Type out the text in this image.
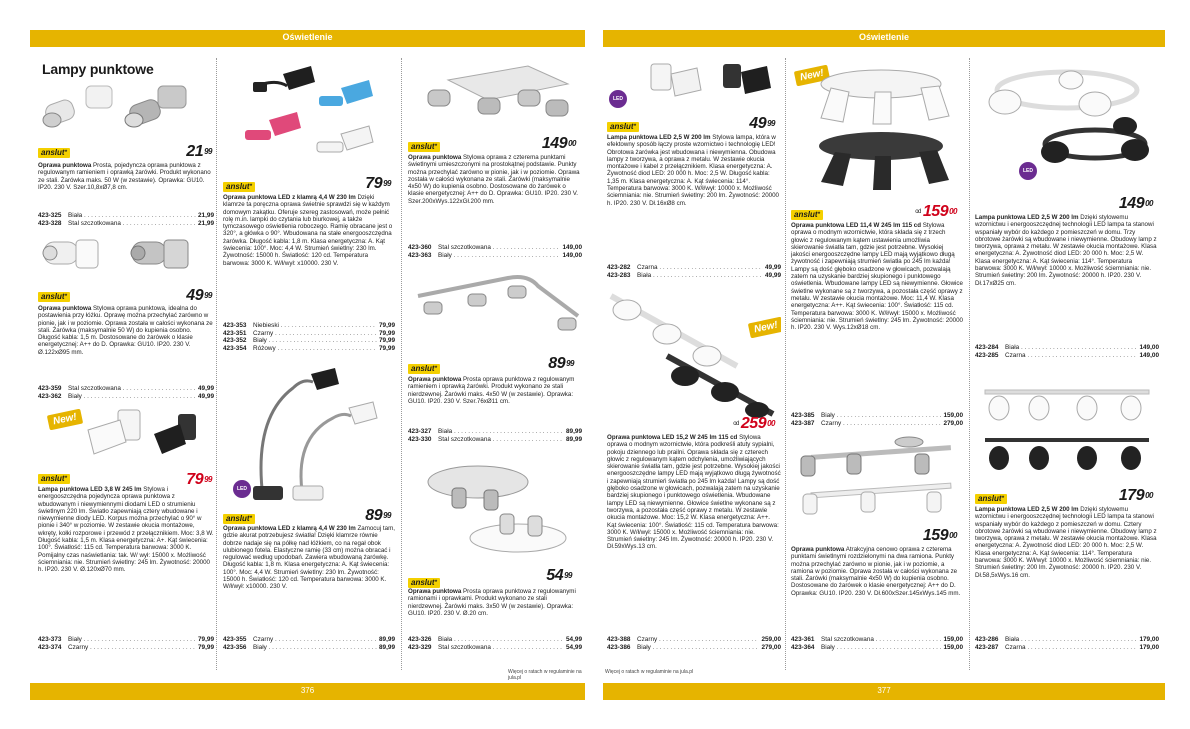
Oświetlenie
376
Lampy punktowe
anslut *	$21^{99}$
Oprawa punktowa Prosta, pojedyncza oprawa punktowa z regulowanym ramieniem i oprawką żarówki. Produkt wykonano ze stali. Żarówka maks. 50 W (w zestawie). Oprawka: GU10. IP20. 230 V. Szer.10,8xØ7,8 cm.
423-325	Biała . . .	21,99
423-328	Stal szczotkowana . . .	21,99
anslut *	$49^{99}$
Oprawa punktowa Stylowa oprawa punktowa, idealna do postawienia przy łóżku. Oprawę można przechylać zarówno w pionie, jak i w poziomie. Oprawa została w całości wykonana ze stali. Żarówka (maksymalnie 50 W) do kupienia osobno. Długość kabla: 1,5 m. Dostosowane do żarówek o klasie energetycznej: A++ do D. Oprawka: GU10. IP20. 230 V. Ø.122xØ95 mm.
423-359	Stal szczotkowana . . .	49,99
423-362	Biały . . .	49,99
New!
$79^{99}$
anslut *
Lampa punktowa LED 3,8 W 245 lm Stylowa i energooszczędna pojedyncza oprawa punktowa z wbudowanym i niewymiennymi diodami LED o strumieniu świetlnym 220 lm. Światło zapewniają cztery wbudowane i niewymienne diody LED. Korpus można przechylać o 90° w pionie i 340° w poziomie. W zestawie okucia montażowe, wkręty, kołki rozporowe i przewód z przełącznikiem. Moc: 3,8 W. Długość kabla: 1,5 m. Klasa energetyczna: A+. Kąt świecenia: 100°. Światłość: 115 cd. Temperatura barwowa: 3000 K. Pomijalny czas naświetlania: tak. W/ wył: 15000 x. Możliwość ściemniania: nie. Strumień świetlny: 245 lm. Żywotność: 20000 h. IP20. 230 V. Ø.120xØ70 mm.
423-373	Biały . . .	79,99
423-374	Czarny . . .	79,99
anslut *	$79^{99}$
Oprawa punktowa LED z klamrą 4,4 W 230 lm Dzięki klamrze ta poręczna oprawa świetnie sprawdzi się w każdym domowym zakątku. Oferuje szereg zastosowań, może pełnić rolę m.in. lampki do czytania lub biurkowej, a także tymczasowego oświetlenia roboczego. Ramię obracane jest o 320°, a główka o 90°. Wbudowana na stałe energooszczędna żarówka. Długość kabla: 1,8 m. Klasa energetyczna: A. Kąt świecenia: 100°. Moc: 4,4 W. Strumień świetlny: 230 lm. Żywotność: 15000 h. Światłość: 120 cd. Temperatura barwowa: 3000 K. W/ł/wył: x10000. 230 V.
423-353	Niebieski . . .	79,99
423-351	Czarny . . .	79,99
423-352	Biały . . .	79,99
423-354	Różowy . . .	79,99
LED
anslut *	$89^{99}$
Oprawa punktowa LED z klamrą 4,4 W 230 lm Zamocuj tam, gdzie akurat potrzebujesz światła! Dzięki klamrze równie dobrze nadaje się na półkę nad łóżkiem, co na regał obok ulubionego fotela. Elastyczne ramię (33 cm) można obracać i regulować według upodobań. Zawiera wbudowaną żarówkę. Długość kabla: 1,8 m. Klasa energetyczna: A. Kąt świecenia: 100°. Moc: 4,4 W. Strumień świetlny: 230 lm. Żywotność: 15000 h. Światłość: 120 cd. Temperatura barwowa: 3000 K. W/ł/wył: x10000. 230 V.
423-355	Czarny . . .	89,99
423-356	Biały . . .	89,99
$149^{00}$
anslut *
Oprawa punktowa Stylowa oprawa z czterema punktami świetlnymi umieszczonymi na prostokątnej podstawie. Punkty można przechylać zarówno w pionie, jak i w poziomie. Oprawa została w całości wykonana ze stali. Żarówki (maksymalnie 4x50 W) do kupienia osobno. Dostosowane do żarówek o klasie energetycznej: A++ do D. Oprawka: GU10. IP20. 230 V. Szer.200xWys.122xGł.200 mm.
423-360	Stal szczotkowana . . .	149,00
423-363	Biały . . .	149,00
$89^{99}$
anslut *
Oprawa punktowa Prosta oprawa punktowa z regulowanym ramieniem i oprawką żarówki. Produkt wykonano ze stali nierdzewnej. Żarówki maks. 4x50 W (w zestawie). Oprawka: GU10. IP20. 230 V. Szer.76xØ11 cm.
423-327	Biała . . .	89,99
423-330	Stal szczotkowana . . .	89,99
$54^{99}$
anslut *
Oprawa punktowa Prosta oprawa punktowa z regulowanymi ramionami i oprawkami. Produkt wykonano ze stali nierdzewnej. Żarówki maks. 3x50 W (w zestawie). Oprawka: GU10. IP20. 230 V. Ø.20 cm.
423-326	Biała . . .	54,99
423-329	Stal szczotkowana . . .	54,99
Więcej o ratach w regulaminie na jula.pl
Oświetlenie
377
LED
$49^{99}$
anslut *
Lampa punktowa LED 2,5 W 200 lm Stylowa lampa, która w efektowny sposób łączy proste wzornictwo i technologię LED! Obrotowa żarówka jest wbudowana i niewymienna. Obudowa lampy z tworzywa, a oprawa z metalu. W zestawie okucia montażowe i kabel z przełącznikiem. Klasa energetyczna: A. Żywotność diod LED: 20 000 h. Moc: 2,5 W. Długość kabla: 1,35 m. Klasa energetyczna: A. Kąt świecenia: 114°. Temperatura barwowa: 3000 K. W/ł/wył: 10000 x. Możliwość ściemniania: nie. Strumień świetlny: 200 lm. Żywotność: 20000 h. IP20. 230 V. Dł.16xØ8 cm.
423-282	Czarna . . .	49,99
423-283	Biała . . .	49,99
New!
od $259^{00}$
Oprawa punktowa LED 15,2 W 245 lm 115 cd Stylowa oprawa o modnym wzornictwie, która podkreśli atuty sypialni, pokoju dziennego lub prailni. Oprawa składa się z czterech głowic z regulowanym kątem odchylenia, umożliwiających skierowanie światła tam, gdzie jest potrzebne. Wysokiej jakości energooszczędne lampy LED mają wyjątkowo długą żywotność i zapewniają strumień światła po 245 lm każda! Lampy są dość głęboko osadzone w głowicach, pozwalają zatem na uzyskanie bardziej skupionego i punktowego oświetlenia. Wbudowane lampy LED są niewymienne. Głowice świetlne wykonane są z tworzywa, a pozostała część oprawy z metalu. W zestawie okucia montażowe. Moc: 15,2 W. Klasa energetyczna: A++. Kąt świecenia: 100°. Światłość: 115 cd. Temperatura barwowa: 3000 K. W/ł/wył: 15000 x. Możliwość ściemniania: nie. Strumień świetlny: 245 lm. Żywotność: 20000 h. IP20. 230 V. Dł.59xWys.13 cm.
423-388	Czarny . . .	259,00
423-386	Biały . . .	279,00
New!
anslut *	od $159^{00}$
Oprawa punktowa LED 11,4 W 245 lm 115 cd Stylowa oprawa o modnym wzornictwie, która składa się z trzech głowic z regulowanym kątem ustawienia umożliwia skierowanie światła tam, gdzie jest potrzebne. Wysokiej jakości energooszczędne lampy LED mają wyjątkowo długą żywotność i zapewniają strumień światła po 245 lm każda! Lampy są dość głęboko osadzone w głowicach, pozwalają zatem na uzyskanie bardziej skupionego i punktowego oświetlenia. Wbudowane lampy LED są niewymienne. Głowice świetlne wykonane są z tworzywa, a pozostała część oprawy z metalu. W zestawie okucia montażowe. Moc: 11,4 W. Klasa energetyczna: A++. Kąt świecenia: 100°. Światłość: 115 cd. Temperatura barwowa: 3000 K. W/ł/wył: 15000 x. Możliwość ściemniania: nie. Strumień świetlny: 245 lm. Żywotność: 20000 h. IP20. 230 V. Wys.12xØ18 cm.
423-385	Biały . . .	159,00
423-387	Czarny . . .	279,00
$159^{00}$
Oprawa punktowa Atrakcyjna cenowo oprawa z czterema punktami świetlnymi rozdzielonymi na dwa ramiona. Punkty można przechylać zarówno w pionie, jak i w poziomie, a ramiona w poziomie. Oprawa została w całości wykonana ze stali. Żarówki (maksymalnie 4x50 W) do kupienia osobno. Dostosowane do żarówek o klasie energetycznej: A++ do D. Oprawka: GU10. IP20. 230 V. Dł.600xSzer.145xWys.145 mm.
423-361	Stal szczotkowana . . .	159,00
423-364	Biały . . .	159,00
LED
$149^{00}$
Lampa punktowa LED 2,5 W 200 lm Dzięki stylowemu wzornictwu i energooszczędnej technologii LED lampa ta stanowi wspaniały wybór do każdego z pomieszczeń w domu. Trzy obrotowe żarówki są wbudowane i niewymienne. Obudowy lamp z tworzywa, oprawa z metalu. W zestawie okucia montażowe. Klasa energetyczna: A. Żywotność diod LED: 20 000 h. Moc: 2,5 W. Klasa energetyczna: A. Kąt świecenia: 114°. Temperatura barwowa: 3000 K. W/ł/wył: 10000 x. Możliwość ściemniania: nie. Strumień świetlny: 200 lm. Żywotność: 20000 h. IP20. 230 V. Dł.17xØ25 cm.
423-284	Biała . . .	149,00
423-285	Czarna . . .	149,00
anslut *	$179^{00}$
Lampa punktowa LED 2,5 W 200 lm Dzięki stylowemu wzornictwu i energooszczędnej technologii LED lampa ta stanowi wspaniały wybór do każdego z pomieszczeń w domu. Cztery obrotowe żarówki są wbudowane i niewymienne. Obudowy lamp z tworzywa, oprawa z metalu. W zestawie okucia montażowe. Klasa energetyczna: A. Żywotność diod LED: 20 000 h. Moc: 2,5 W. Klasa energetyczna: A. Kąt świecenia: 114°. Temperatura barwowa: 3000 K. W/ł/wył: 10000 x. Możliwość ściemniania: nie. Strumień świetlny: 200 lm. Żywotność: 20000 h. IP20. 230 V. Dł.58,5xWys.16 cm.
423-286	Biała . . .	179,00
423-287	Czarna . . .	179,00
Więcej o ratach w regulaminie na jula.pl
